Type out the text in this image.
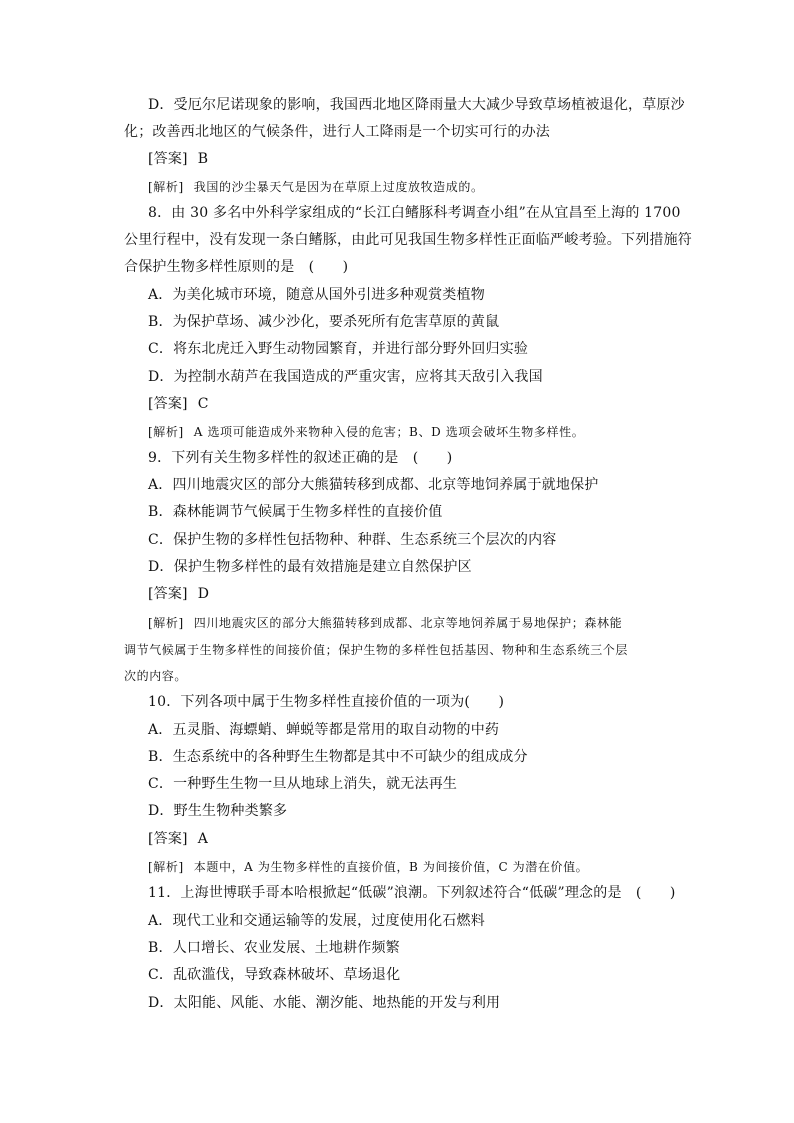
D．受厄尔尼诺现象的影响，我国西北地区降雨量大大减少导致草场植被退化，草原沙
化；改善西北地区的气候条件，进行人工降雨是一个切实可行的办法
[答案] B
[解析] 我国的沙尘暴天气是因为在草原上过度放牧造成的。
8．由 30 多名中外科学家组成的“长江白鳍豚科考调查小组”在从宜昌至上海的 1700
公里行程中，没有发现一条白鳍豚，由此可见我国生物多样性正面临严峻考验。下列措施符
合保护生物多样性原则的是　(　　)
A．为美化城市环境，随意从国外引进多种观赏类植物
B．为保护草场、减少沙化，要杀死所有危害草原的黄鼠
C．将东北虎迁入野生动物园繁育，并进行部分野外回归实验
D．为控制水葫芦在我国造成的严重灾害，应将其天敌引入我国
[答案] C
[解析] A 选项可能造成外来物种入侵的危害；B、D 选项会破坏生物多样性。
9．下列有关生物多样性的叙述正确的是　(　　)
A．四川地震灾区的部分大熊猫转移到成都、北京等地饲养属于就地保护
B．森林能调节气候属于生物多样性的直接价值
C．保护生物的多样性包括物种、种群、生态系统三个层次的内容
D．保护生物多样性的最有效措施是建立自然保护区
[答案] D
[解析] 四川地震灾区的部分大熊猫转移到成都、北京等地饲养属于易地保护；森林能
调节气候属于生物多样性的间接价值；保护生物的多样性包括基因、物种和生态系统三个层
次的内容。
10．下列各项中属于生物多样性直接价值的一项为(　　)
A．五灵脂、海螵蛸、蝉蜕等都是常用的取自动物的中药
B．生态系统中的各种野生生物都是其中不可缺少的组成成分
C．一种野生生物一旦从地球上消失，就无法再生
D．野生生物种类繁多
[答案] A
[解析] 本题中，A 为生物多样性的直接价值，B 为间接价值，C 为潜在价值。
11．上海世博联手哥本哈根掀起“低碳”浪潮。下列叙述符合“低碳”理念的是　(　　)
A．现代工业和交通运输等的发展，过度使用化石燃料
B．人口增长、农业发展、土地耕作频繁
C．乱砍滥伐，导致森林破坏、草场退化
D．太阳能、风能、水能、潮汐能、地热能的开发与利用
